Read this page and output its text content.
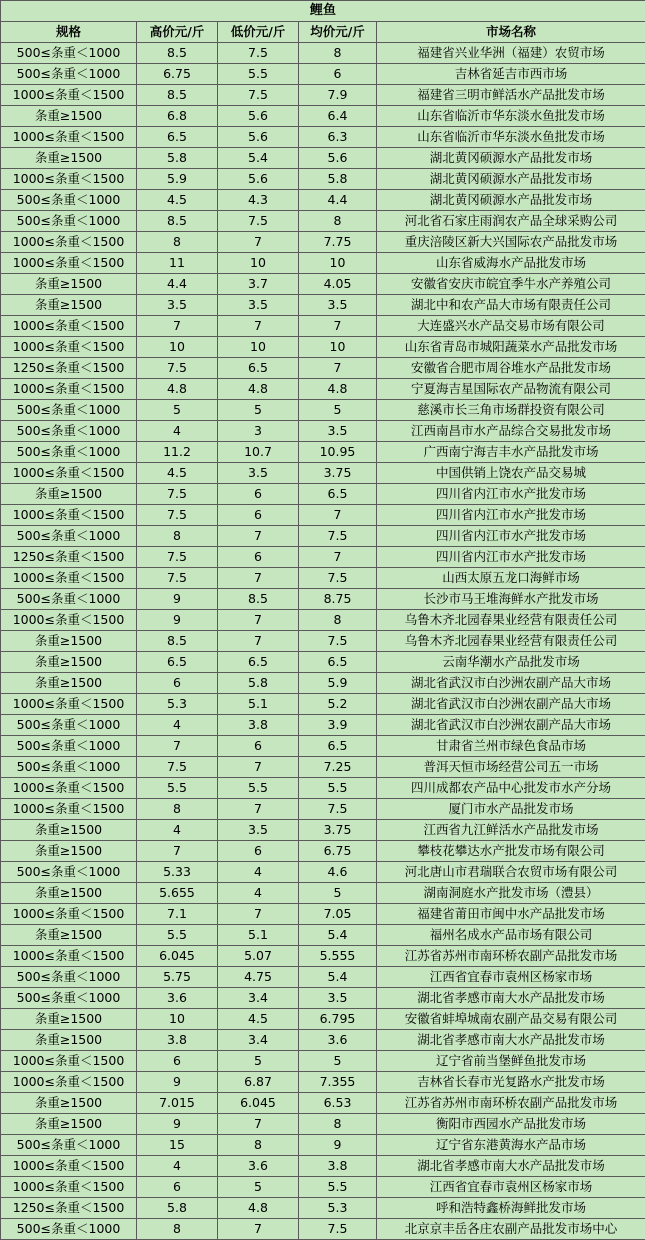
鲤鱼				
规格	高价元/斤	低价元/斤	均价元/斤	市场名称
500≤条重＜1000	8.5	7.5	8	福建省兴业华洲（福建）农贸市场
500≤条重＜1000	6.75	5.5	6	吉林省延吉市西市场
1000≤条重＜1500	8.5	7.5	7.9	福建省三明市鲜活水产品批发市场
条重≥1500	6.8	5.6	6.4	山东省临沂市华东淡水鱼批发市场
1000≤条重＜1500	6.5	5.6	6.3	山东省临沂市华东淡水鱼批发市场
条重≥1500	5.8	5.4	5.6	湖北黄冈硕源水产品批发市场
1000≤条重＜1500	5.9	5.6	5.8	湖北黄冈硕源水产品批发市场
500≤条重＜1000	4.5	4.3	4.4	湖北黄冈硕源水产品批发市场
500≤条重＜1000	8.5	7.5	8	河北省石家庄雨润农产品全球采购公司
1000≤条重＜1500	8	7	7.75	重庆涪陵区新大兴国际农产品批发市场
1000≤条重＜1500	11	10	10	山东省威海水产品批发市场
条重≥1500	4.4	3.7	4.05	安徽省安庆市皖宜季牛水产养殖公司
条重≥1500	3.5	3.5	3.5	湖北中和农产品大市场有限责任公司
1000≤条重＜1500	7	7	7	大连盛兴水产品交易市场有限公司
1000≤条重＜1500	10	10	10	山东省青岛市城阳蔬菜水产品批发市场
1250≤条重＜1500	7.5	6.5	7	安徽省合肥市周谷堆水产品批发市场
1000≤条重＜1500	4.8	4.8	4.8	宁夏海吉星国际农产品物流有限公司
500≤条重＜1000	5	5	5	慈溪市长三角市场群投资有限公司
500≤条重＜1000	4	3	3.5	江西南昌市水产品综合交易批发市场
500≤条重＜1000	11.2	10.7	10.95	广西南宁海吉丰水产品批发市场
1000≤条重＜1500	4.5	3.5	3.75	中国供销上饶农产品交易城
条重≥1500	7.5	6	6.5	四川省内江市水产批发市场
1000≤条重＜1500	7.5	6	7	四川省内江市水产批发市场
500≤条重＜1000	8	7	7.5	四川省内江市水产批发市场
1250≤条重＜1500	7.5	6	7	四川省内江市水产批发市场
1000≤条重＜1500	7.5	7	7.5	山西太原五龙口海鲜市场
500≤条重＜1000	9	8.5	8.75	长沙市马王堆海鲜水产批发市场
1000≤条重＜1500	9	7	8	乌鲁木齐北园春果业经营有限责任公司
条重≥1500	8.5	7	7.5	乌鲁木齐北园春果业经营有限责任公司
条重≥1500	6.5	6.5	6.5	云南华潮水产品批发市场
条重≥1500	6	5.8	5.9	湖北省武汉市白沙洲农副产品大市场
1000≤条重＜1500	5.3	5.1	5.2	湖北省武汉市白沙洲农副产品大市场
500≤条重＜1000	4	3.8	3.9	湖北省武汉市白沙洲农副产品大市场
500≤条重＜1000	7	6	6.5	甘肃省兰州市绿色食品市场
500≤条重＜1000	7.5	7	7.25	普洱天恒市场经营公司五一市场
1000≤条重＜1500	5.5	5.5	5.5	四川成都农产品中心批发市水产分场
1000≤条重＜1500	8	7	7.5	厦门市水产品批发市场
条重≥1500	4	3.5	3.75	江西省九江鲜活水产品批发市场
条重≥1500	7	6	6.75	攀枝花攀达水产批发市场有限公司
500≤条重＜1000	5.33	4	4.6	河北唐山市君瑞联合农贸市场有限公司
条重≥1500	5.655	4	5	湖南洞庭水产批发市场（澧县）
1000≤条重＜1500	7.1	7	7.05	福建省莆田市闽中水产品批发市场
条重≥1500	5.5	5.1	5.4	福州名成水产品市场有限公司
1000≤条重＜1500	6.045	5.07	5.555	江苏省苏州市南环桥农副产品批发市场
500≤条重＜1000	5.75	4.75	5.4	江西省宜春市袁州区杨家市场
500≤条重＜1000	3.6	3.4	3.5	湖北省孝感市南大水产品批发市场
条重≥1500	10	4.5	6.795	安徽省蚌埠城南农副产品交易有限公司
条重≥1500	3.8	3.4	3.6	湖北省孝感市南大水产品批发市场
1000≤条重＜1500	6	5	5	辽宁省前当堡鲜鱼批发市场
1000≤条重＜1500	9	6.87	7.355	吉林省长春市光复路水产批发市场
条重≥1500	7.015	6.045	6.53	江苏省苏州市南环桥农副产品批发市场
条重≥1500	9	7	8	衡阳市西园水产品批发市场
500≤条重＜1000	15	8	9	辽宁省东港黄海水产品市场
1000≤条重＜1500	4	3.6	3.8	湖北省孝感市南大水产品批发市场
1000≤条重＜1500	6	5	5.5	江西省宜春市袁州区杨家市场
1250≤条重＜1500	5.8	4.8	5.3	呼和浩特鑫桥海鲜批发市场
500≤条重＜1000	8	7	7.5	北京京丰岳各庄农副产品批发市场中心
